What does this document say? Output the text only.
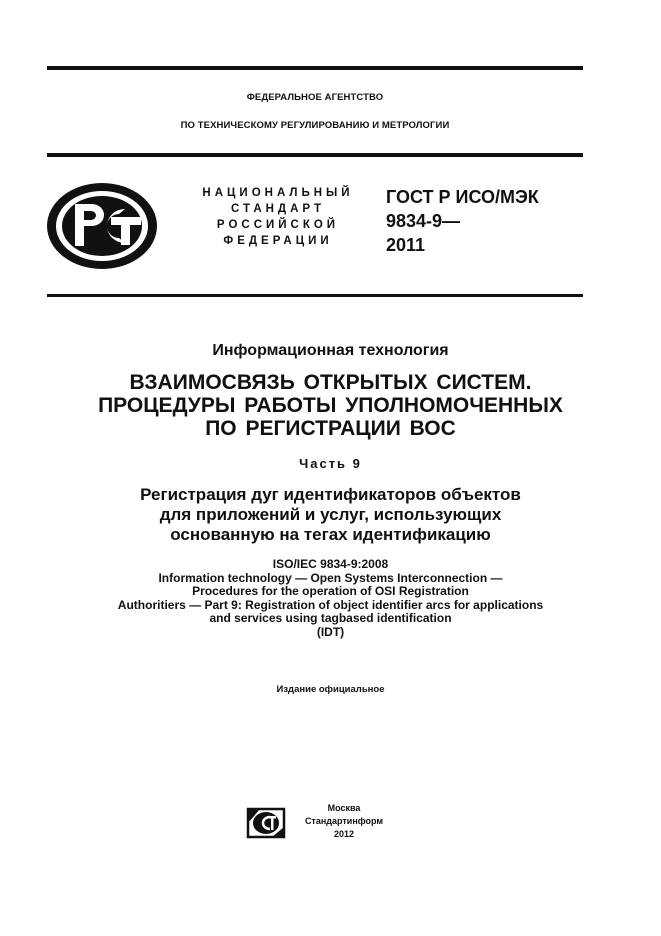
ФЕДЕРАЛЬНОЕ АГЕНТСТВО
ПО ТЕХНИЧЕСКОМУ РЕГУЛИРОВАНИЮ И МЕТРОЛОГИИ
НАЦИОНАЛЬНЫЙ
СТАНДАРТ
РОССИЙСКОЙ
ФЕДЕРАЦИИ
ГОСТ Р ИСО/МЭК
9834-9—
2011
Информационная технология
ВЗАИМОСВЯЗЬ ОТКРЫТЫХ СИСТЕМ.
ПРОЦЕДУРЫ РАБОТЫ УПОЛНОМОЧЕННЫХ
ПО РЕГИСТРАЦИИ ВОС
Часть 9
Регистрация дуг идентификаторов объектов
для приложений и услуг, использующих
основанную на тегах идентификацию
ISO/IEC 9834-9:2008
Information technology — Open Systems Interconnection —
Procedures for the operation of OSI Registration
Authoritiers — Part 9: Registration of object identifier arcs for applications
and services using tagbased identification
(IDT)
Издание официальное
Москва
Стандартинформ
2012
